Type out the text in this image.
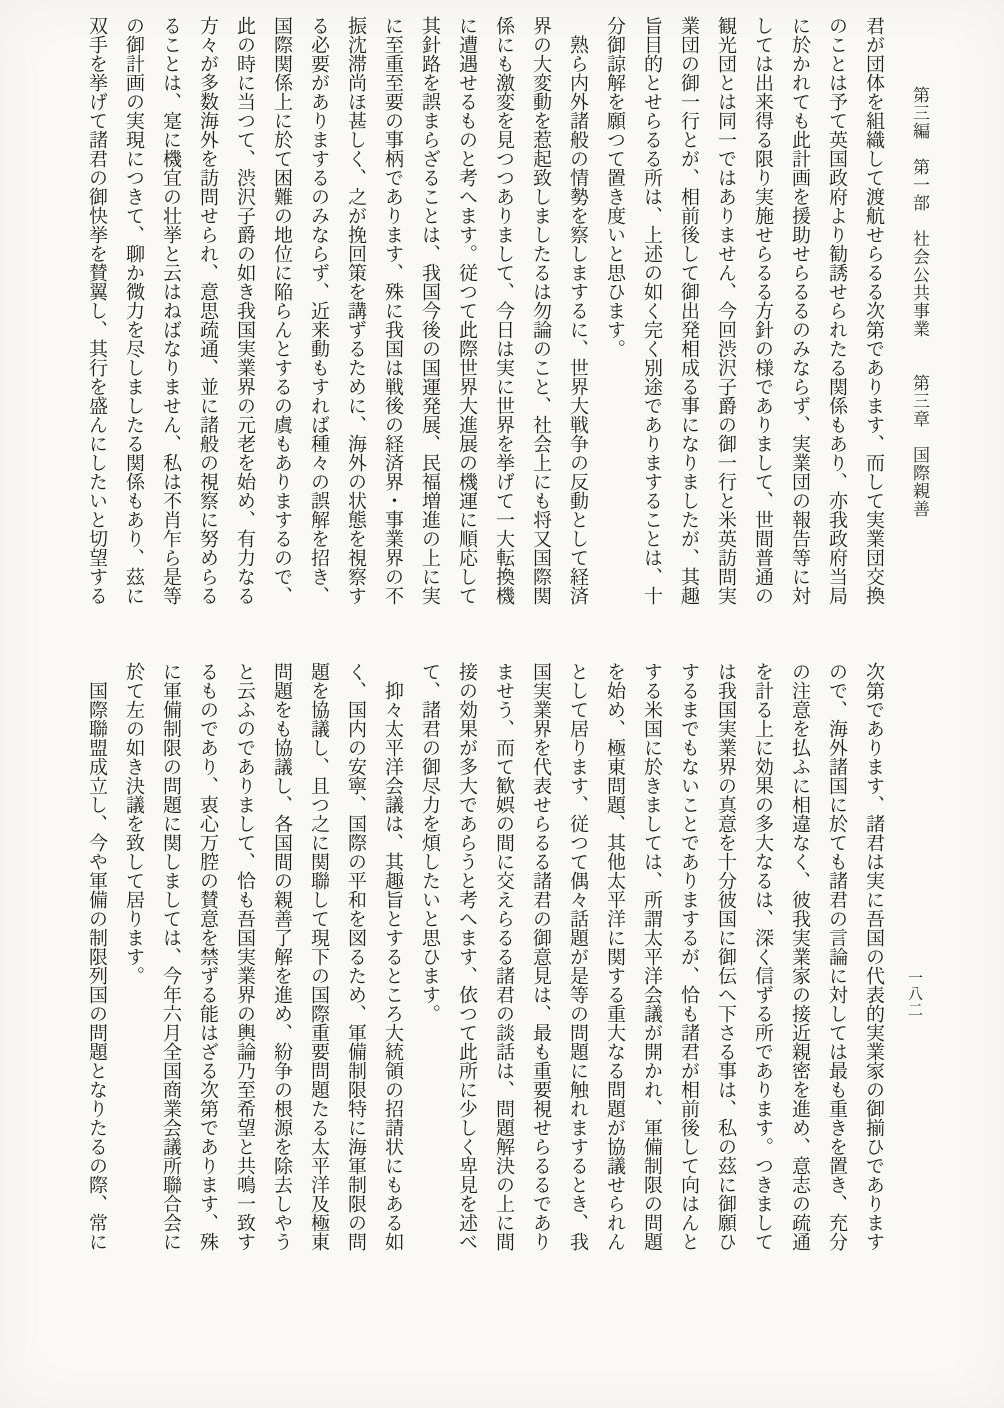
第三編　第一部　社会公共事業　　第三章　国際親善
一八二
君が団体を組織して渡航せらるる次第であります、而して実業団交換
のことは予て英国政府より勧誘せられたる関係もあり、亦我政府当局
に於かれても此計画を援助せらるるのみならず、実業団の報告等に対
しては出来得る限り実施せらるる方針の様でありまして、世間普通の
観光団とは同一ではありません、今回渋沢子爵の御一行と米英訪問実
業団の御一行とが、相前後して御出発相成る事になりましたが、其趣
旨目的とせらるる所は、上述の如く完く別途でありますることは、十
分御諒解を願つて置き度いと思ひます。
　熟ら内外諸般の情勢を察しまするに、世界大戦争の反動として経済
界の大変動を惹起致しましたるは勿論のこと、社会上にも将又国際関
係にも激変を見つつありまして、今日は実に世界を挙げて一大転換機
に遭遇せるものと考へます。従つて此際世界大進展の機運に順応して
其針路を誤まらざることは、我国今後の国運発展、民福増進の上に実
に至重至要の事柄であります、殊に我国は戦後の経済界・事業界の不
振沈滞尚ほ甚しく、之が挽回策を講ずるために、海外の状態を視察す
る必要がありまするのみならず、近来動もすれば種々の誤解を招き、
国際関係上に於て困難の地位に陥らんとするの虞もありまするので、
此の時に当つて、渋沢子爵の如き我国実業界の元老を始め、有力なる
方々が多数海外を訪問せられ、意思疏通、並に諸般の視察に努めらる
ることは、寔に機宜の壮挙と云はねばなりません、私は不肖乍ら是等
の御計画の実現につきて、聊か微力を尽しましたる関係もあり、茲に
双手を挙げて諸君の御快挙を賛翼し、其行を盛んにしたいと切望する
次第であります、諸君は実に吾国の代表的実業家の御揃ひであります
ので、海外諸国に於ても諸君の言論に対しては最も重きを置き、充分
の注意を払ふに相違なく、彼我実業家の接近親密を進め、意志の疏通
を計る上に効果の多大なるは、深く信ずる所であります。つきまして
は我国実業界の真意を十分彼国に御伝へ下さる事は、私の茲に御願ひ
するまでもないことでありまするが、恰も諸君が相前後して向はんと
する米国に於きましては、所謂太平洋会議が開かれ、軍備制限の問題
を始め、極東問題、其他太平洋に関する重大なる問題が協議せられん
として居ります、従つて偶々話題が是等の問題に触れまするとき、我
国実業界を代表せらるる諸君の御意見は、最も重要視せらるるであり
ませう、而て歓娯の間に交えらるる諸君の談話は、問題解決の上に間
接の効果が多大であらうと考へます、依つて此所に少しく卑見を述べ
て、諸君の御尽力を煩したいと思ひます。
　抑々太平洋会議は、其趣旨とするところ大統領の招請状にもある如
く、国内の安寧、国際の平和を図るため、軍備制限特に海軍制限の問
題を協議し、且つ之に関聯して現下の国際重要問題たる太平洋及極東
問題をも協議し、各国間の親善了解を進め、紛争の根源を除去しやう
と云ふのでありまして、恰も吾国実業界の輿論乃至希望と共鳴一致す
るものであり、衷心万腔の賛意を禁ずる能はざる次第であります、殊
に軍備制限の問題に関しましては、今年六月全国商業会議所聯合会に
於て左の如き決議を致して居ります。
　国際聯盟成立し、今や軍備の制限列国の問題となりたるの際、常に
